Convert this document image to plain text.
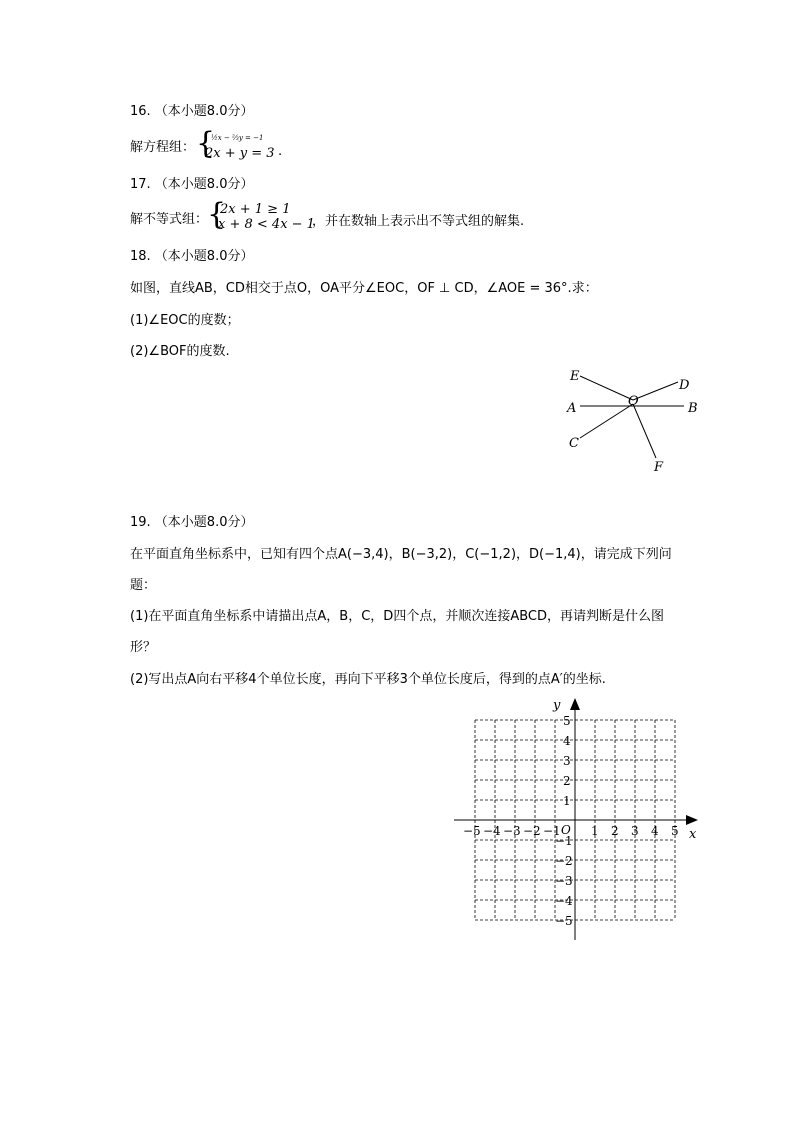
16. （本小题8.0分）
解方程组： {
½x − ⅔y = −1
2x + y = 3 .
17. （本小题8.0分）
解不等式组：
{
2x + 1 ≥ 1
x + 8 < 4x − 1
，并在数轴上表示出不等式组的解集.
18. （本小题8.0分）
如图，直线AB，CD相交于点O，OA平分∠EOC，OF ⊥ CD，∠AOE = 36°.求：
(1)∠EOC的度数；
(2)∠BOF的度数.
E
D
A	O	B
C
F
19. （本小题8.0分）
在平面直角坐标系中，已知有四个点A(−3,4)，B(−3,2)，C(−1,2)，D(−1,4)，请完成下列问
题：
(1)在平面直角坐标系中请描出点A，B，C，D四个点，并顺次连接ABCD，再请判断是什么图
形？
(2)写出点A向右平移4个单位长度，再向下平移3个单位长度后，得到的点A′的坐标.
x
y
O
−5 −4 −3 −2 −1	1 2 3 4 5
5
4
3
2
1
−1
−2
−3
−4
−5
